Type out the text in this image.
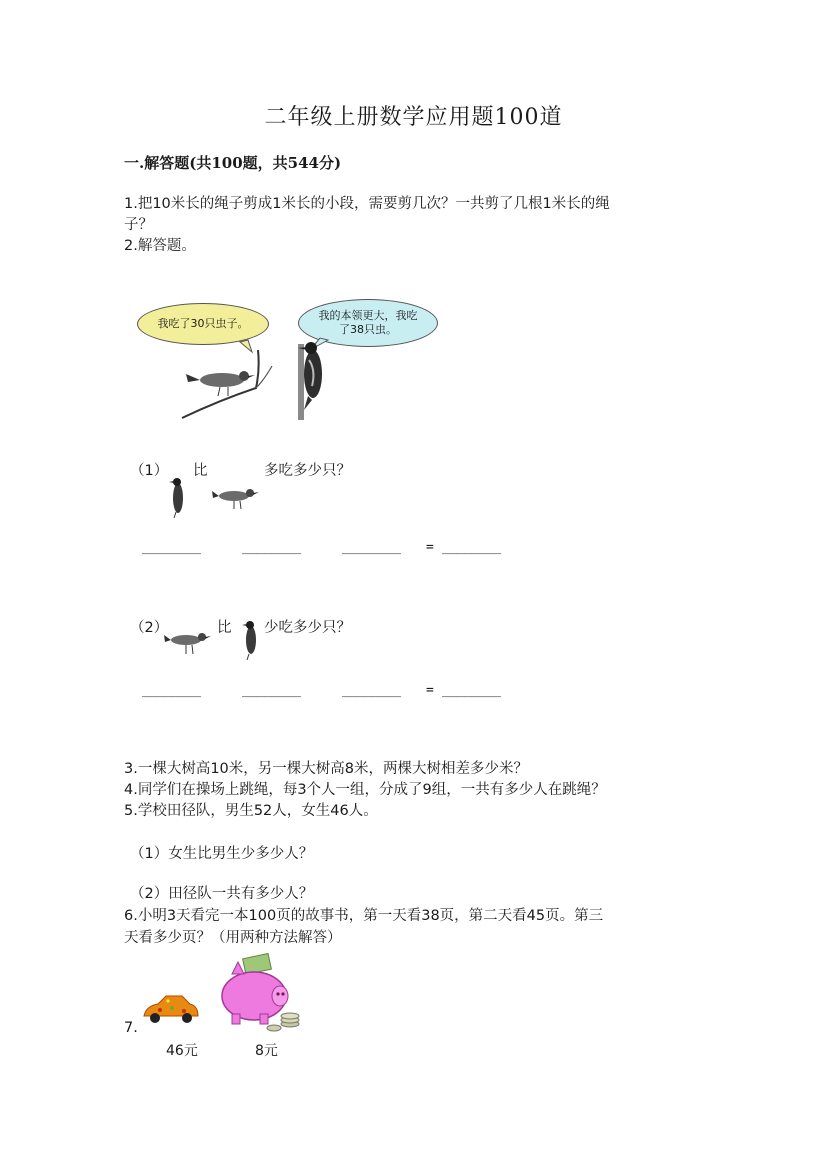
二年级上册数学应用题100道
一.解答题(共100题，共544分)
1.把10米长的绳子剪成1米长的小段，需要剪几次？一共剪了几根1米长的绳
子？
2.解答题。
我吃了30只虫子。
我的本领更大，我吃
了38只虫。
（1） 比	多吃多少只？
________	________	________ = ________
（2）	比 少吃多少只？
________	________	________ = ________
3.一棵大树高10米，另一棵大树高8米，两棵大树相差多少米？
4.同学们在操场上跳绳，每3个人一组，分成了9组，一共有多少人在跳绳？
5.学校田径队，男生52人，女生46人。
（1）女生比男生少多少人？
（2）田径队一共有多少人？
6.小明3天看完一本100页的故事书，第一天看38页，第二天看45页。第三
天看多少页？（用两种方法解答）
7.
46元	8元
